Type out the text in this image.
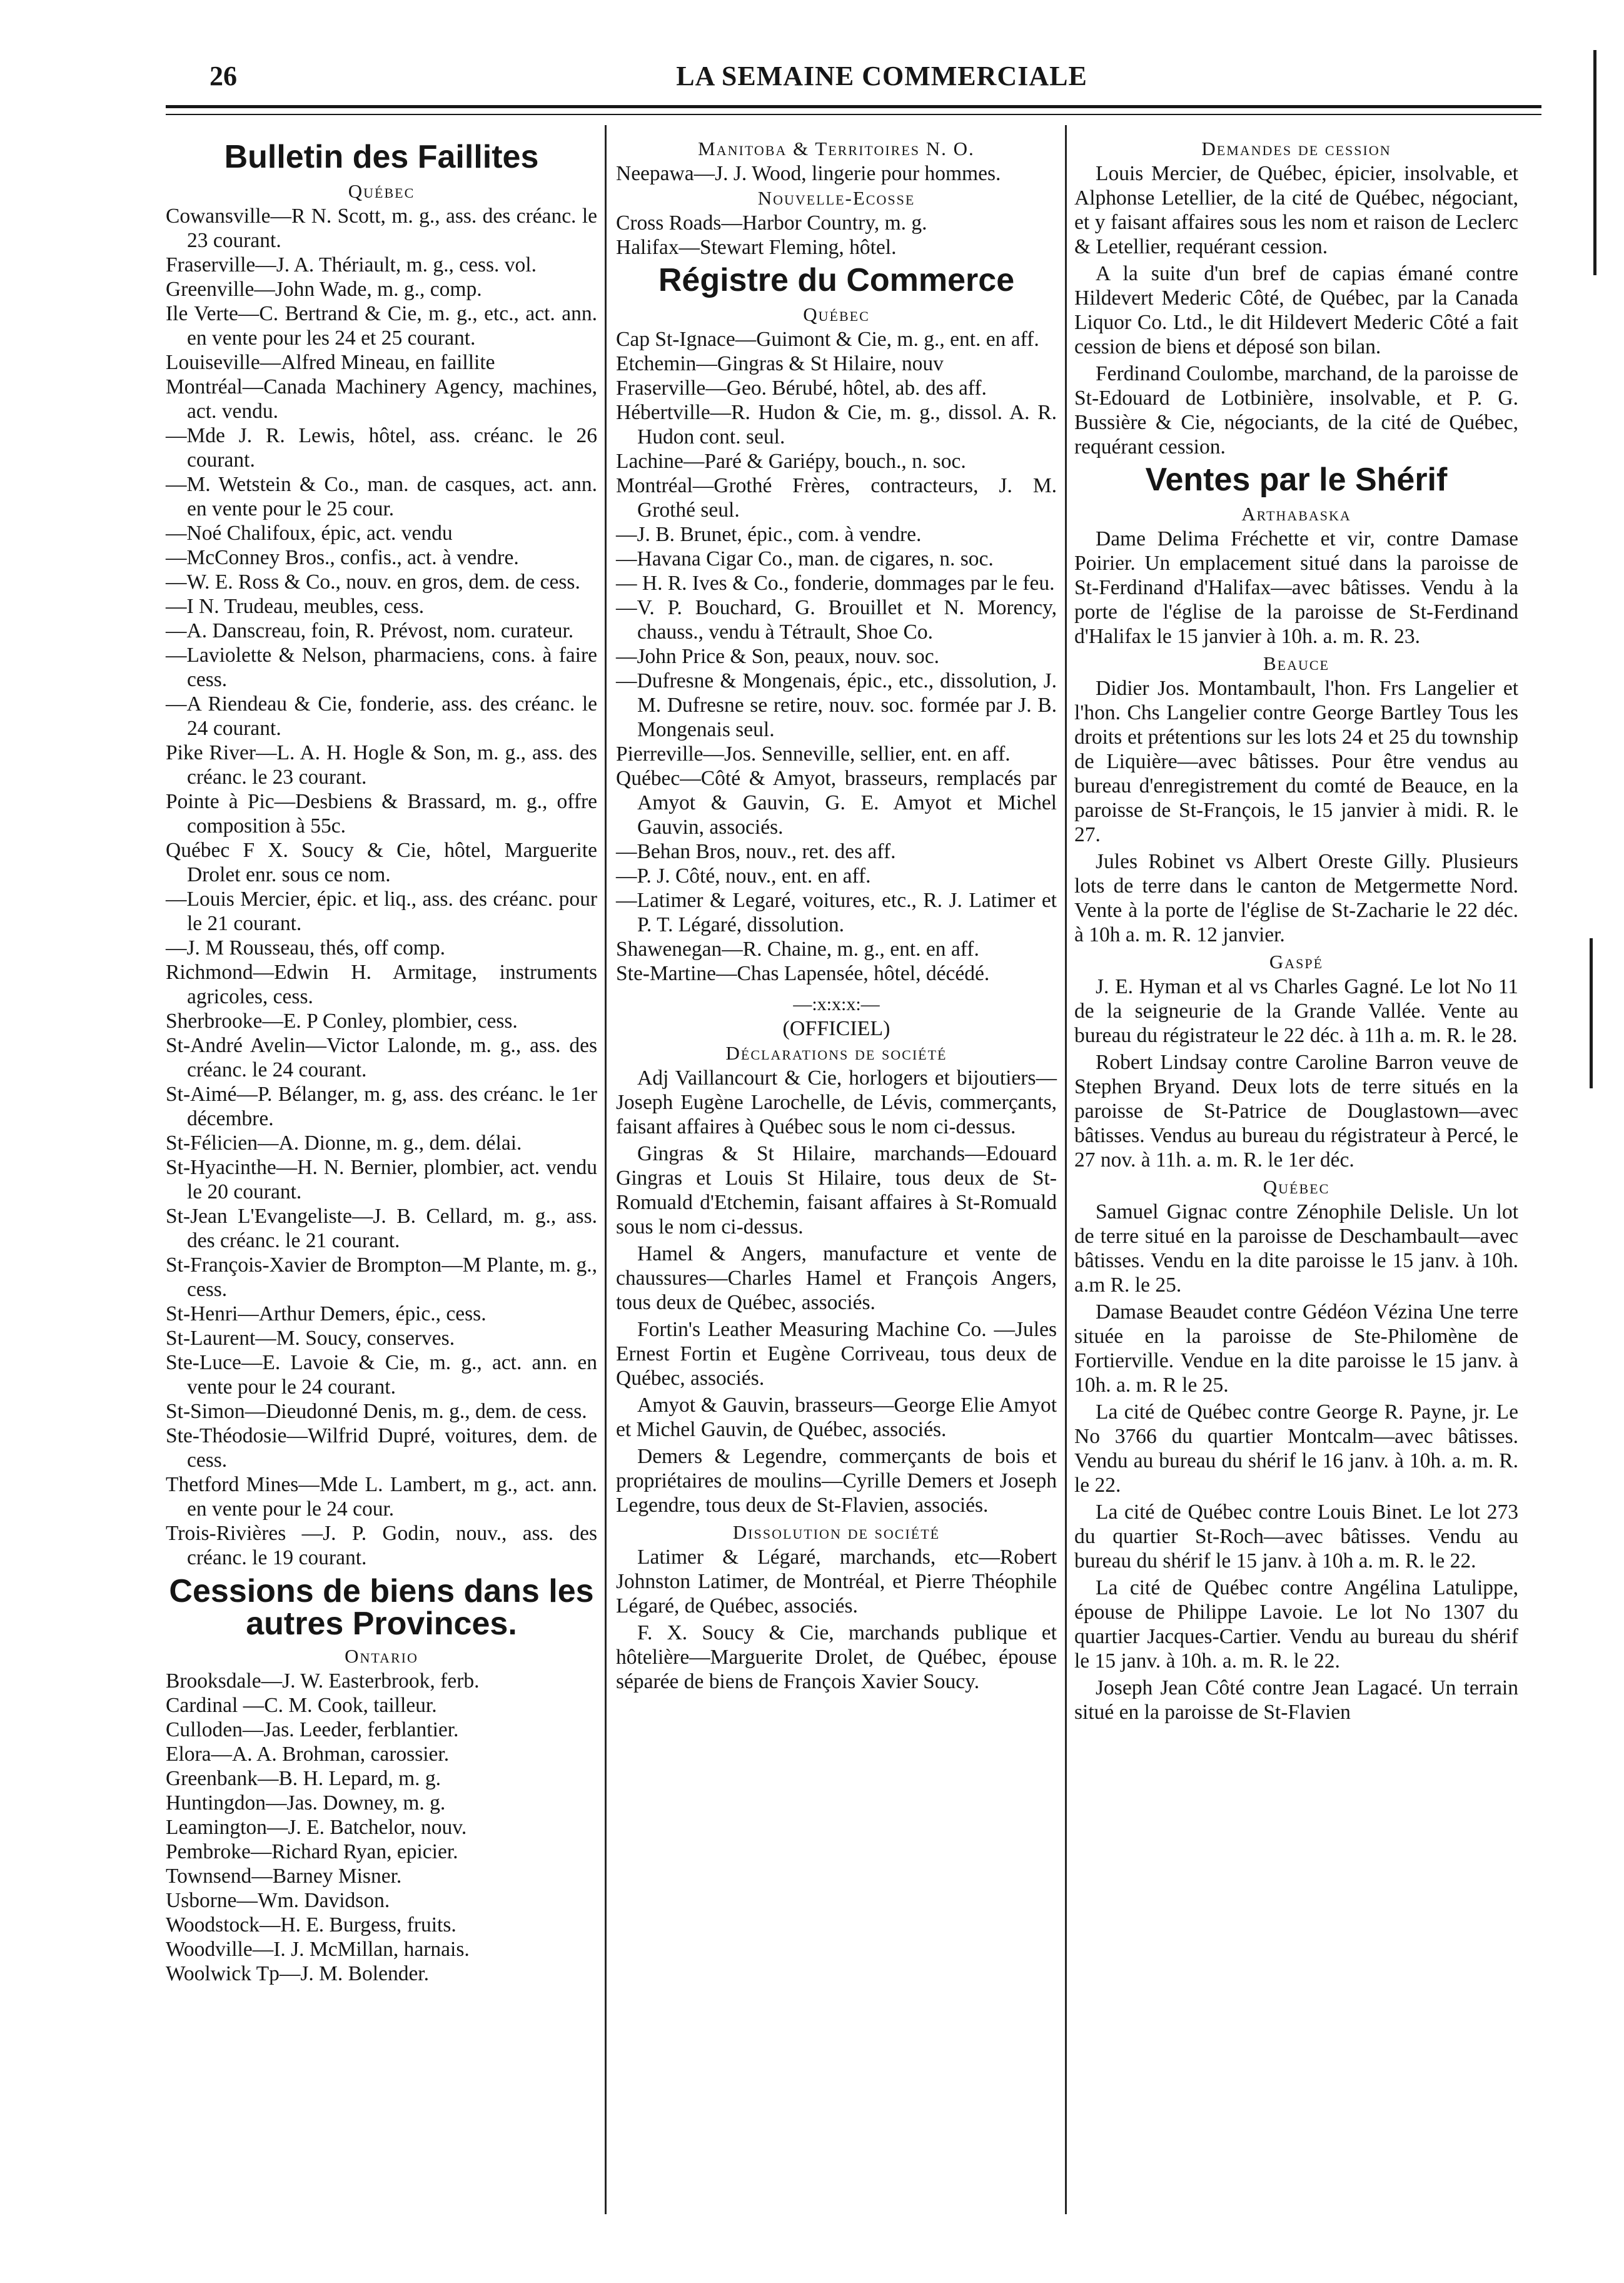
26	LA SEMAINE COMMERCIALE
Bulletin des Faillites
Québec
Cowansville—R N. Scott, m. g., ass. des créanc. le 23 courant.
Fraserville—J. A. Thériault, m. g., cess. vol.
Greenville—John Wade, m. g., comp.
Ile Verte—C. Bertrand & Cie, m. g., etc., act. ann. en vente pour les 24 et 25 courant.
Louiseville—Alfred Mineau, en faillite
Montréal—Canada Machinery Agency, machines, act. vendu.
—Mde J. R. Lewis, hôtel, ass. créanc. le 26 courant.
—M. Wetstein & Co., man. de casques, act. ann. en vente pour le 25 cour.
—Noé Chalifoux, épic, act. vendu
—McConney Bros., confis., act. à vendre.
—W. E. Ross & Co., nouv. en gros, dem. de cess.
—I N. Trudeau, meubles, cess.
—A. Danscreau, foin, R. Prévost, nom. curateur.
—Laviolette & Nelson, pharmaciens, cons. à faire cess.
—A Riendeau & Cie, fonderie, ass. des créanc. le 24 courant.
Pike River—L. A. H. Hogle & Son, m. g., ass. des créanc. le 23 courant.
Pointe à Pic—Desbiens & Brassard, m. g., offre composition à 55c.
Québec F X. Soucy & Cie, hôtel, Marguerite Drolet enr. sous ce nom.
—Louis Mercier, épic. et liq., ass. des créanc. pour le 21 courant.
—J. M Rousseau, thés, off comp.
Richmond—Edwin H. Armitage, instruments agricoles, cess.
Sherbrooke—E. P Conley, plombier, cess.
St-André Avelin—Victor Lalonde, m. g., ass. des créanc. le 24 courant.
St-Aimé—P. Bélanger, m. g, ass. des créanc. le 1er décembre.
St-Félicien—A. Dionne, m. g., dem. délai.
St-Hyacinthe—H. N. Bernier, plombier, act. vendu le 20 courant.
St-Jean L'Evangeliste—J. B. Cellard, m. g., ass. des créanc. le 21 courant.
St-François-Xavier de Brompton—M Plante, m. g., cess.
St-Henri—Arthur Demers, épic., cess.
St-Laurent—M. Soucy, conserves.
Ste-Luce—E. Lavoie & Cie, m. g., act. ann. en vente pour le 24 courant.
St-Simon—Dieudonné Denis, m. g., dem. de cess.
Ste-Théodosie—Wilfrid Dupré, voitures, dem. de cess.
Thetford Mines—Mde L. Lambert, m g., act. ann. en vente pour le 24 cour.
Trois-Rivières —J. P. Godin, nouv., ass. des créanc. le 19 courant.
Cessions de biens dans les autres Provinces.
Ontario
Brooksdale—J. W. Easterbrook, ferb.
Cardinal —C. M. Cook, tailleur.
Culloden—Jas. Leeder, ferblantier.
Elora—A. A. Brohman, carossier.
Greenbank—B. H. Lepard, m. g.
Huntingdon—Jas. Downey, m. g.
Leamington—J. E. Batchelor, nouv.
Pembroke—Richard Ryan, epicier.
Townsend—Barney Misner.
Usborne—Wm. Davidson.
Woodstock—H. E. Burgess, fruits.
Woodville—I. J. McMillan, harnais.
Woolwick Tp—J. M. Bolender.
Manitoba & Territoires N. O.
Neepawa—J. J. Wood, lingerie pour hommes.
Nouvelle-Ecosse
Cross Roads—Harbor Country, m. g.
Halifax—Stewart Fleming, hôtel.
Régistre du Commerce
Québec
Cap St-Ignace—Guimont & Cie, m. g., ent. en aff.
Etchemin—Gingras & St Hilaire, nouv
Fraserville—Geo. Bérubé, hôtel, ab. des aff.
Hébertville—R. Hudon & Cie, m. g., dissol. A. R. Hudon cont. seul.
Lachine—Paré & Gariépy, bouch., n. soc.
Montréal—Grothé Frères, contracteurs, J. M. Grothé seul.
—J. B. Brunet, épic., com. à vendre.
—Havana Cigar Co., man. de cigares, n. soc.
— H. R. Ives & Co., fonderie, dommages par le feu.
—V. P. Bouchard, G. Brouillet et N. Morency, chauss., vendu à Tétrault, Shoe Co.
—John Price & Son, peaux, nouv. soc.
—Dufresne & Mongenais, épic., etc., dissolution, J. M. Dufresne se retire, nouv. soc. formée par J. B. Mongenais seul.
Pierreville—Jos. Senneville, sellier, ent. en aff.
Québec—Côté & Amyot, brasseurs, remplacés par Amyot & Gauvin, G. E. Amyot et Michel Gauvin, associés.
—Behan Bros, nouv., ret. des aff.
—P. J. Côté, nouv., ent. en aff.
—Latimer & Legaré, voitures, etc., R. J. Latimer et P. T. Légaré, dissolution.
Shawenegan—R. Chaine, m. g., ent. en aff.
Ste-Martine—Chas Lapensée, hôtel, décédé.
—:x:x:x:—
(OFFICIEL)
Déclarations de société
Adj Vaillancourt & Cie, horlogers et bijoutiers—Joseph Eugène Larochelle, de Lévis, commerçants, faisant affaires à Québec sous le nom ci-dessus.
Gingras & St Hilaire, marchands—Edouard Gingras et Louis St Hilaire, tous deux de St-Romuald d'Etchemin, faisant affaires à St-Romuald sous le nom ci-dessus.
Hamel & Angers, manufacture et vente de chaussures—Charles Hamel et François Angers, tous deux de Québec, associés.
Fortin's Leather Measuring Machine Co. —Jules Ernest Fortin et Eugène Corriveau, tous deux de Québec, associés.
Amyot & Gauvin, brasseurs—George Elie Amyot et Michel Gauvin, de Québec, associés.
Demers & Legendre, commerçants de bois et propriétaires de moulins—Cyrille Demers et Joseph Legendre, tous deux de St-Flavien, associés.
Dissolution de société
Latimer & Légaré, marchands, etc—Robert Johnston Latimer, de Montréal, et Pierre Théophile Légaré, de Québec, associés.
F. X. Soucy & Cie, marchands publique et hôtelière—Marguerite Drolet, de Québec, épouse séparée de biens de François Xavier Soucy.
Demandes de cession
Louis Mercier, de Québec, épicier, insolvable, et Alphonse Letellier, de la cité de Québec, négociant, et y faisant affaires sous les nom et raison de Leclerc & Letellier, requérant cession.
A la suite d'un bref de capias émané contre Hildevert Mederic Côté, de Québec, par la Canada Liquor Co. Ltd., le dit Hildevert Mederic Côté a fait cession de biens et déposé son bilan.
Ferdinand Coulombe, marchand, de la paroisse de St-Edouard de Lotbinière, insolvable, et P. G. Bussière & Cie, négociants, de la cité de Québec, requérant cession.
Ventes par le Shérif
Arthabaska
Dame Delima Fréchette et vir, contre Damase Poirier. Un emplacement situé dans la paroisse de St-Ferdinand d'Halifax—avec bâtisses. Vendu à la porte de l'église de la paroisse de St-Ferdinand d'Halifax le 15 janvier à 10h. a. m. R. 23.
Beauce
Didier Jos. Montambault, l'hon. Frs Langelier et l'hon. Chs Langelier contre George Bartley Tous les droits et prétentions sur les lots 24 et 25 du township de Liquière—avec bâtisses. Pour être vendus au bureau d'enregistrement du comté de Beauce, en la paroisse de St-François, le 15 janvier à midi. R. le 27.
Jules Robinet vs Albert Oreste Gilly. Plusieurs lots de terre dans le canton de Metgermette Nord. Vente à la porte de l'église de St-Zacharie le 22 déc. à 10h a. m. R. 12 janvier.
Gaspé
J. E. Hyman et al vs Charles Gagné. Le lot No 11 de la seigneurie de la Grande Vallée. Vente au bureau du régistrateur le 22 déc. à 11h a. m. R. le 28.
Robert Lindsay contre Caroline Barron veuve de Stephen Bryand. Deux lots de terre situés en la paroisse de St-Patrice de Douglastown—avec bâtisses. Vendus au bureau du régistrateur à Percé, le 27 nov. à 11h. a. m. R. le 1er déc.
Québec
Samuel Gignac contre Zénophile Delisle. Un lot de terre situé en la paroisse de Deschambault—avec bâtisses. Vendu en la dite paroisse le 15 janv. à 10h. a.m R. le 25.
Damase Beaudet contre Gédéon Vézina Une terre située en la paroisse de Ste-Philomène de Fortierville. Vendue en la dite paroisse le 15 janv. à 10h. a. m. R le 25.
La cité de Québec contre George R. Payne, jr. Le No 3766 du quartier Montcalm—avec bâtisses. Vendu au bureau du shérif le 16 janv. à 10h. a. m. R. le 22.
La cité de Québec contre Louis Binet. Le lot 273 du quartier St-Roch—avec bâtisses. Vendu au bureau du shérif le 15 janv. à 10h a. m. R. le 22.
La cité de Québec contre Angélina Latulippe, épouse de Philippe Lavoie. Le lot No 1307 du quartier Jacques-Cartier. Vendu au bureau du shérif le 15 janv. à 10h. a. m. R. le 22.
Joseph Jean Côté contre Jean Lagacé. Un terrain situé en la paroisse de St-Flavien
